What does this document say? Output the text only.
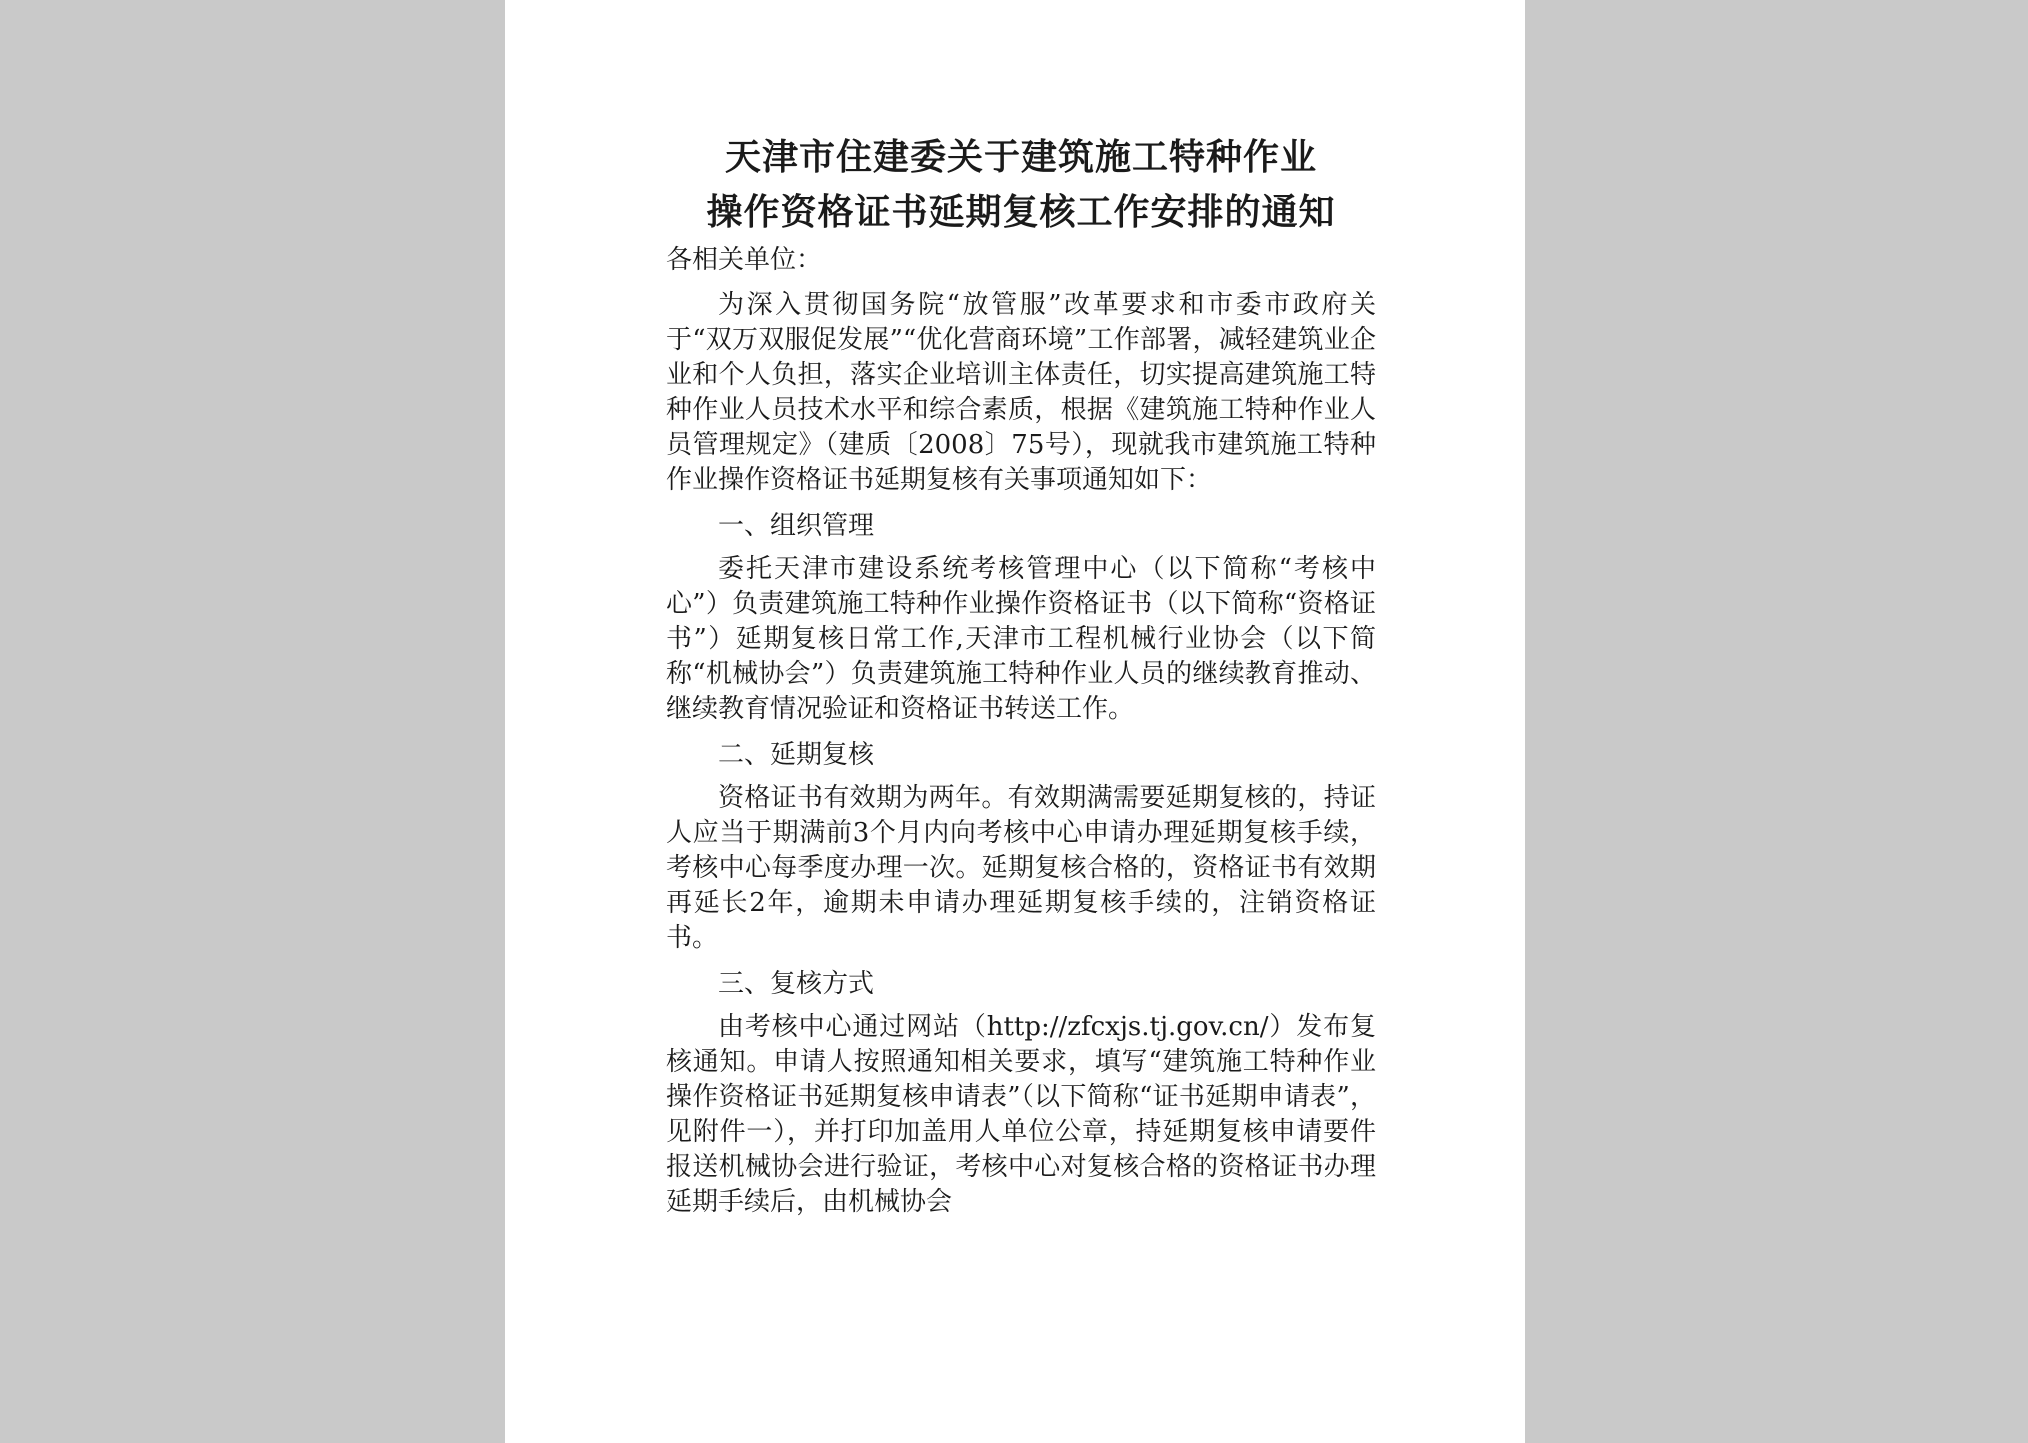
天津市住建委关于建筑施工特种作业
操作资格证书延期复核工作安排的通知
各相关单位：
为深入贯彻国务院“放管服”改革要求和市委市政府关于“双万双服促发展”“优化营商环境”工作部署，减轻建筑业企业和个人负担，落实企业培训主体责任，切实提高建筑施工特种作业人员技术水平和综合素质，根据《建筑施工特种作业人员管理规定》（建质〔2008〕75号），现就我市建筑施工特种作业操作资格证书延期复核有关事项通知如下：
一、组织管理
委托天津市建设系统考核管理中心（以下简称“考核中心”）负责建筑施工特种作业操作资格证书（以下简称“资格证书”）延期复核日常工作,天津市工程机械行业协会（以下简称“机械协会”）负责建筑施工特种作业人员的继续教育推动、继续教育情况验证和资格证书转送工作。
二、延期复核
资格证书有效期为两年。有效期满需要延期复核的，持证人应当于期满前3个月内向考核中心申请办理延期复核手续，考核中心每季度办理一次。延期复核合格的，资格证书有效期再延长2年，逾期未申请办理延期复核手续的，注销资格证书。
三、复核方式
由考核中心通过网站（http://zfcxjs.tj.gov.cn/）发布复核通知。申请人按照通知相关要求，填写“建筑施工特种作业操作资格证书延期复核申请表”（以下简称“证书延期申请表”，见附件一），并打印加盖用人单位公章，持延期复核申请要件报送机械协会进行验证，考核中心对复核合格的资格证书办理延期手续后，由机械协会
